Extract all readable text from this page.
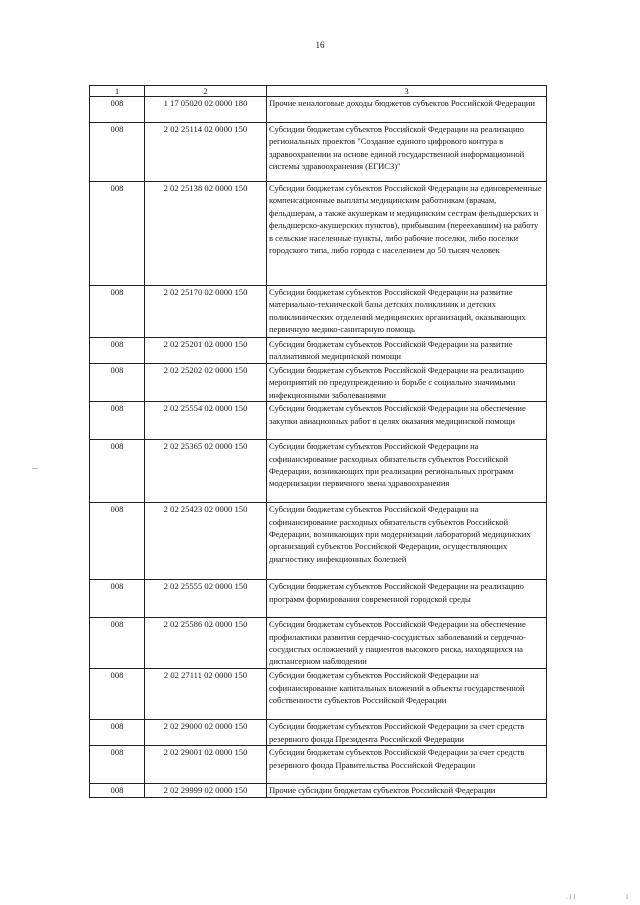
16
1	2	3
008	1 17 05020 02 0000 180	Прочие неналоговые доходы бюджетов субъектов Российской Федерации
008	2 02 25114 02 0000 150	Субсидии бюджетам субъектов Российской Федерации на реализацию региональных проектов "Создание единого цифрового контура в здравоохранении на основе единой государственной информационной системы здравоохранения (ЕГИСЗ)"
008	2 02 25138 02 0000 150	Субсидии бюджетам субъектов Российской Федерации на единовременные компенсационные выплаты медицинским работникам (врачам, фельдшерам, а также акушеркам и медицинским сестрам фельдшерских и фельдшерско-акушерских пунктов), прибывшим (переехавшим) на работу в сельские населенные пункты, либо рабочие поселки, либо поселки городского типа, либо города с населением до 50 тысяч человек
008	2 02 25170 02 0000 150	Субсидии бюджетам субъектов Российской Федерации на развитие материально-технической базы детских поликлиник и детских поликлинических отделений медицинских организаций, оказывающих первичную медико-санитарную помощь
008	2 02 25201 02 0000 150	Субсидии бюджетам субъектов Российской Федерации на развитие паллиативной медицинской помощи
008	2 02 25202 02 0000 150	Субсидии бюджетам субъектов Российской Федерации на реализацию мероприятий по предупреждению и борьбе с социально значимыми инфекционными заболеваниями
008	2 02 25554 02 0000 150	Субсидии бюджетам субъектов Российской Федерации на обеспечение закупки авиационных работ в целях оказания медицинской помощи
008	2 02 25365 02 0000 150	Субсидии бюджетам субъектов Российской Федерации на софинансирование расходных обязательств субъектов Российской Федерации, возникающих при реализации региональных программ модернизации первичного звена здравоохранения
008	2 02 25423 02 0000 150	Субсидии бюджетам субъектов Российской Федерации на софинансирование расходных обязательств субъектов Российской Федерации, возникающих при модернизации лабораторий медицинских организаций субъектов Российской Федерации, осуществляющих диагностику инфекционных болезней
008	2 02 25555 02 0000 150	Субсидии бюджетам субъектов Российской Федерации на реализацию программ формирования современной городской среды
008	2 02 25586 02 0000 150	Субсидии бюджетам субъектов Российской Федерации на обеспечение профилактики развития сердечно-сосудистых заболеваний и сердечно-сосудистых осложнений у пациентов высокого риска, находящихся на диспансерном наблюдении
008	2 02 27111 02 0000 150	Субсидии бюджетам субъектов Российской Федерации на софинансирование капитальных вложений в объекты государственной собственности субъектов Российской Федерации
008	2 02 29000 02 0000 150	Субсидии бюджетам субъектов Российской Федерации за счет средств резервного фонда Президента Российской Федерации
008	2 02 29001 02 0000 150	Субсидии бюджетам субъектов Российской Федерации за счет средств резервного фонда Правительства Российской Федерации
008	2 02 29999 02 0000 150	Прочие субсидии бюджетам субъектов Российской Федерации
. i l	l
